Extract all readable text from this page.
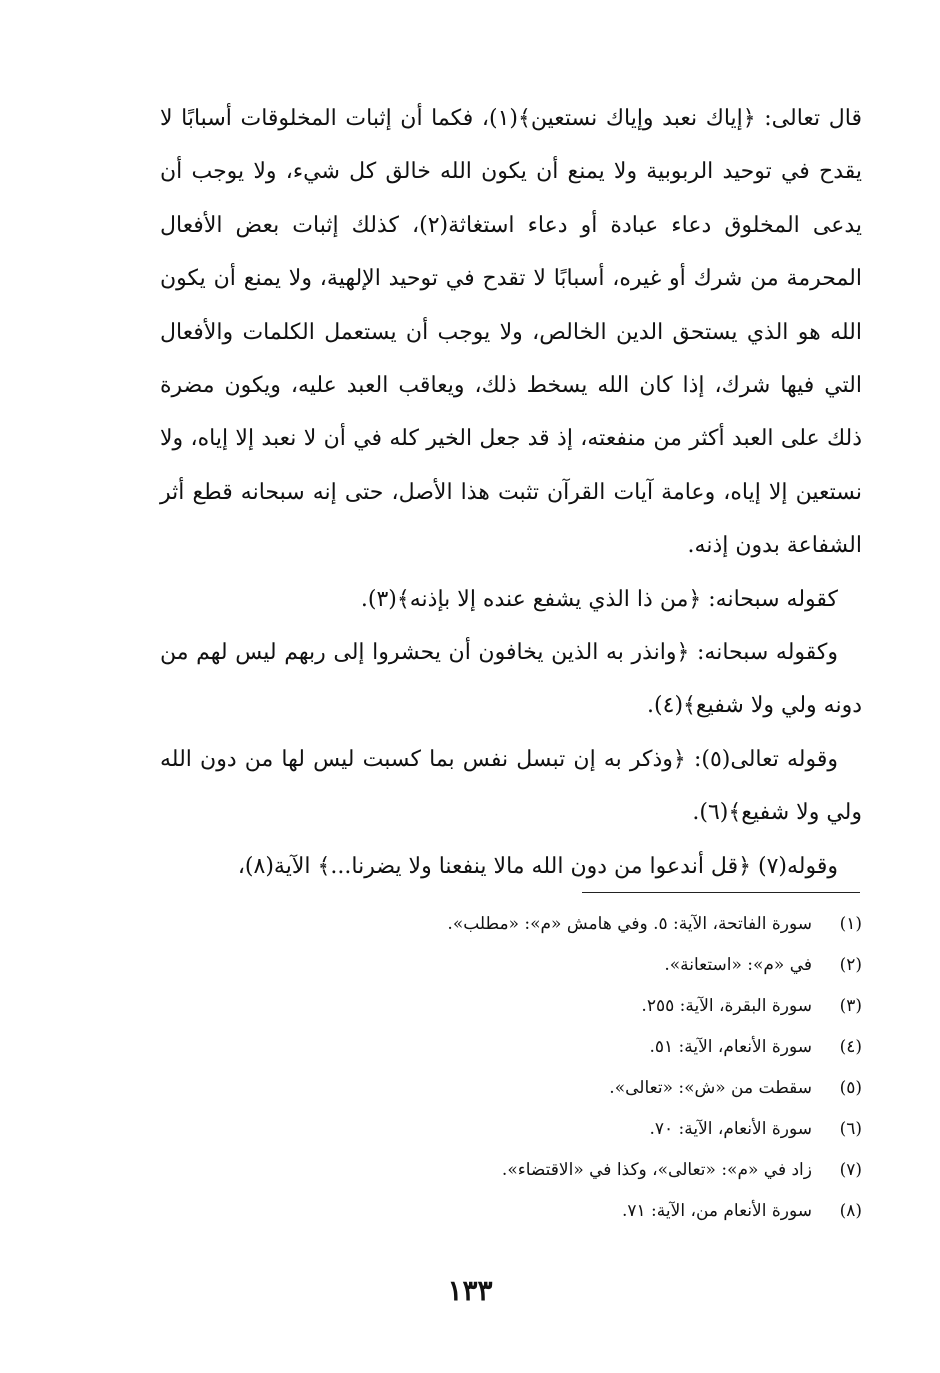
قال تعالى: ﴿إياك نعبد وإياك نستعين﴾(١)، فكما أن إثبات المخلوقات أسبابًا لا يقدح في توحيد الربوبية ولا يمنع أن يكون الله خالق كل شيء، ولا يوجب أن يدعى المخلوق دعاء عبادة أو دعاء استغاثة(٢)، كذلك إثبات بعض الأفعال المحرمة من شرك أو غيره، أسبابًا لا تقدح في توحيد الإلهية، ولا يمنع أن يكون الله هو الذي يستحق الدين الخالص، ولا يوجب أن يستعمل الكلمات والأفعال التي فيها شرك، إذا كان الله يسخط ذلك، ويعاقب العبد عليه، ويكون مضرة ذلك على العبد أكثر من منفعته، إذ قد جعل الخير كله في أن لا نعبد إلا إياه، ولا نستعين إلا إياه، وعامة آيات القرآن تثبت هذا الأصل، حتى إنه سبحانه قطع أثر الشفاعة بدون إذنه.

كقوله سبحانه: ﴿من ذا الذي يشفع عنده إلا بإذنه﴾(٣).

وكقوله سبحانه: ﴿وانذر به الذين يخافون أن يحشروا إلى ربهم ليس لهم من دونه ولي ولا شفيع﴾(٤).

وقوله تعالى(٥): ﴿وذكر به إن تبسل نفس بما كسبت ليس لها من دون الله ولي ولا شفيع﴾(٦).

وقوله(٧) ﴿قل أندعوا من دون الله مالا ينفعنا ولا يضرنا...﴾ الآية(٨)،

(١)سورة الفاتحة، الآية: ٥. وفي هامش «م»: «مطلب».
(٢)في «م»: «استعانة».
(٣)سورة البقرة، الآية: ٢٥٥.
(٤)سورة الأنعام، الآية: ٥١.
(٥)سقطت من «ش»: «تعالى».
(٦)سورة الأنعام، الآية: ٧٠.
(٧)زاد في «م»: «تعالى»، وكذا في «الاقتضاء».
(٨)سورة الأنعام من، الآية: ٧١.
١٣٣
